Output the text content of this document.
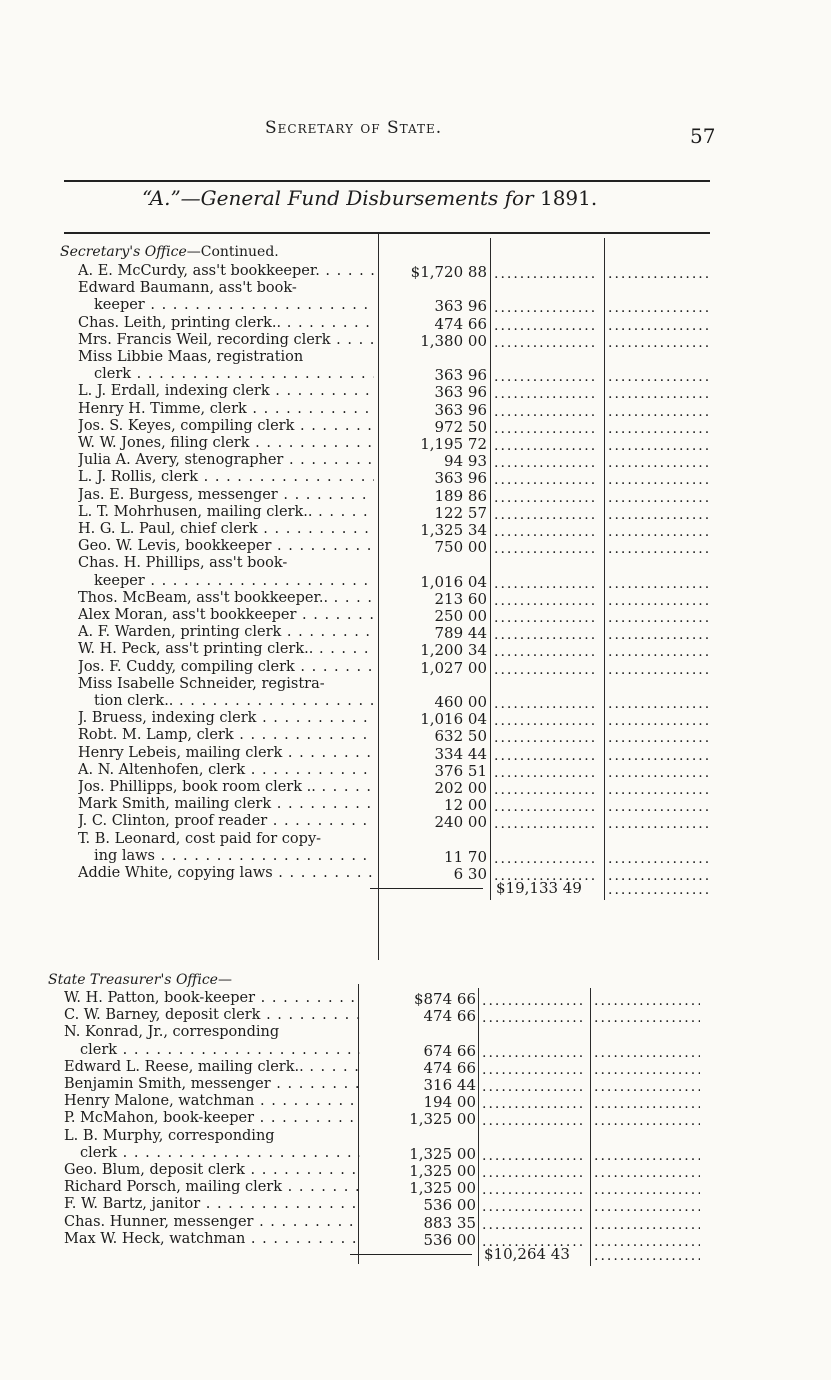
Secretary of State.	57
“A.”—General Fund Disbursements for 1891.
Secretary's Office—Continued.
A. E. McCurdy, ass't bookkeeper. . . .	$1,720 88
.....
.....
Edward Baumann, ass't book-
keeper . . .	363 96
.....
.....
Chas. Leith, printing clerk.. . . .	474 66
.....
.....
Mrs. Francis Weil, recording clerk . . .	1,380 00
.....
.....
Miss Libbie Maas, registration
clerk . . .	363 96
.....
.....
L. J. Erdall, indexing clerk . . .	363 96
.....
.....
Henry H. Timme, clerk . . .	363 96
.....
.....
Jos. S. Keyes, compiling clerk . . .	972 50
.....
.....
W. W. Jones, filing clerk . . .	1,195 72
.....
.....
Julia A. Avery, stenographer . . .	94 93
.....
.....
L. J. Rollis, clerk . . .	363 96
.....
.....
Jas. E. Burgess, messenger . . .	189 86
.....
.....
L. T. Mohrhusen, mailing clerk.. . . .	122 57
.....
.....
H. G. L. Paul, chief clerk . . .	1,325 34
.....
.....
Geo. W. Levis, bookkeeper . . .	750 00
.....
.....
Chas. H. Phillips, ass't book-
keeper . . .	1,016 04
.....
.....
Thos. McBeam, ass't bookkeeper.. . . .	213 60
.....
.....
Alex Moran, ass't bookkeeper . . .	250 00
.....
.....
A. F. Warden, printing clerk . . .	789 44
.....
.....
W. H. Peck, ass't printing clerk.. . . .	1,200 34
.....
.....
Jos. F. Cuddy, compiling clerk . . .	1,027 00
.....
.....
Miss Isabelle Schneider, registra-
tion clerk.. . . .	460 00
.....
.....
J. Bruess, indexing clerk . . .	1,016 04
.....
.....
Robt. M. Lamp, clerk . . .	632 50
.....
.....
Henry Lebeis, mailing clerk . . .	334 44
.....
.....
A. N. Altenhofen, clerk . . .	376 51
.....
.....
Jos. Phillipps, book room clerk .. . . .	202 00
.....
.....
Mark Smith, mailing clerk . . .	12 00
.....
.....
J. C. Clinton, proof reader . . .	240 00
.....
.....
T. B. Leonard, cost paid for copy-
ing laws . . .	11 70
.....
.....
Addie White, copying laws . . .	6 30
.....
.....
$19,133 49
.....
State Treasurer's Office—
W. H. Patton, book-keeper . . .	$874 66
.....
.....
C. W. Barney, deposit clerk . . .	474 66
.....
.....
N. Konrad, Jr., corresponding
clerk . . .	674 66
.....
.....
Edward L. Reese, mailing clerk.. . . .	474 66
.....
.....
Benjamin Smith, messenger . . .	316 44
.....
.....
Henry Malone, watchman . . .	194 00
.....
.....
P. McMahon, book-keeper . . .	1,325 00
.....
.....
L. B. Murphy, corresponding
clerk . . .	1,325 00
.....
.....
Geo. Blum, deposit clerk . . .	1,325 00
.....
.....
Richard Porsch, mailing clerk . . .	1,325 00
.....
.....
F. W. Bartz, janitor . . .	536 00
.....
.....
Chas. Hunner, messenger . . .	883 35
.....
.....
Max W. Heck, watchman . . .	536 00
.....
.....
$10,264 43
.....
